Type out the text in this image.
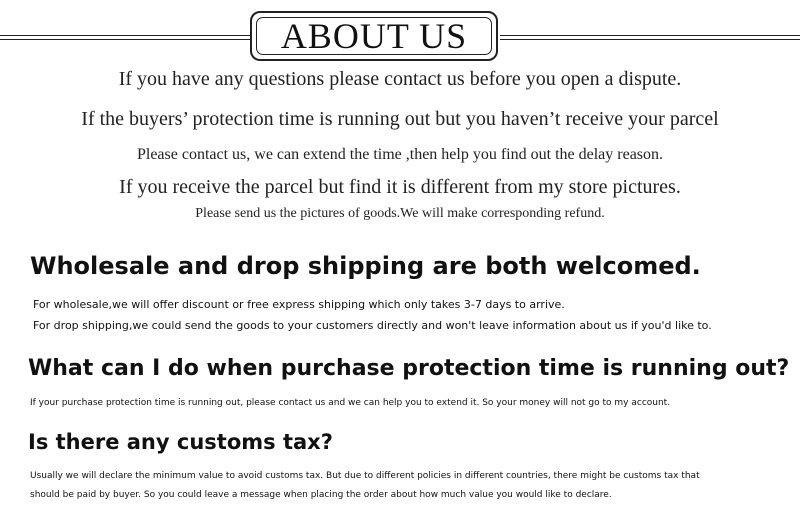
ABOUT US
If you have any questions please contact us before you open a dispute.
If the buyers’ protection time is running out but you haven’t receive your parcel
Please contact us, we can extend the time ,then help you find out the delay reason.
If you receive the parcel but find it is different from my store pictures.
Please send us the pictures of goods.We will make corresponding refund.
Wholesale and drop shipping are both welcomed.
For wholesale,we will offer discount or free express shipping which only takes 3-7 days to arrive.
For drop shipping,we could send the goods to your customers directly and won't leave information about us if you'd like to.
What can I do when purchase protection time is running out?
If your purchase protection time is running out, please contact us and we can help you to extend it. So your money will not go to my account.
Is there any customs tax?
Usually we will declare the minimum value to avoid customs tax. But due to different policies in different countries, there might be customs tax that
should be paid by buyer. So you could leave a message when placing the order about how much value you would like to declare.
